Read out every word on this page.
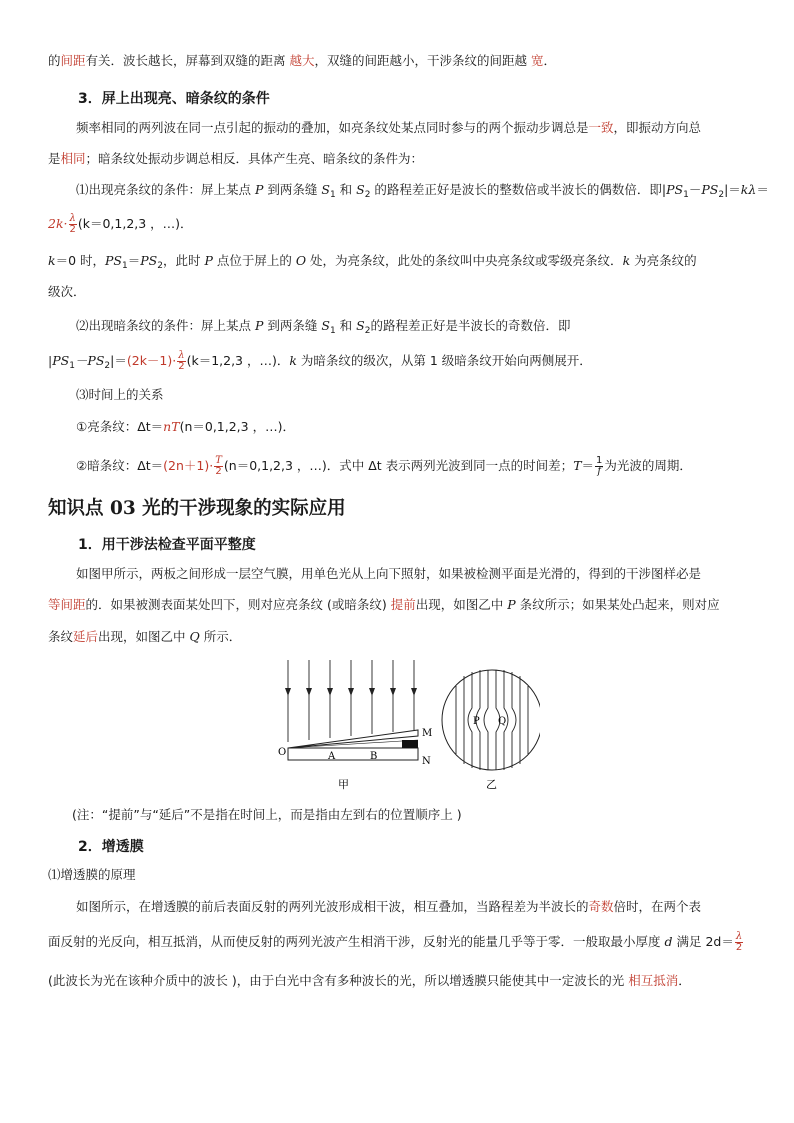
的间距有关．波长越长，屏幕到双缝的距离 越大，双缝的间距越小，干涉条纹的间距越 宽．
3．屏上出现亮、暗条纹的条件
频率相同的两列波在同一点引起的振动的叠加，如亮条纹处某点同时参与的两个振动步调总是一致，即振动方向总
是相同；暗条纹处振动步调总相反．具体产生亮、暗条纹的条件为：
⑴出现亮条纹的条件：屏上某点 P 到两条缝 $S_1$ 和 $S_2$ 的路程差正好是波长的整数倍或半波长的偶数倍．即$|PS_1-PS_2|=k\lambda=$
$2k\cdot \frac{\lambda}{2} (k=0,1,2,3$ ，…)．
k＝0 时，$PS_1=PS_2$，此时 P 点位于屏上的 O 处，为亮条纹，此处的条纹叫中央亮条纹或零级亮条纹．k 为亮条纹的
级次．
⑵出现暗条纹的条件：屏上某点 P 到两条缝 $S_1$ 和 $S_2$的路程差正好是半波长的奇数倍．即
$|PS_1-PS_2|=(2k-1)\cdot \frac{\lambda}{2} (k=1,2,3$ ，…)．k 为暗条纹的级次，从第 1 级暗条纹开始向两侧展开．
⑶时间上的关系
①亮条纹：Δt＝nT(n＝0,1,2,3 ，…)．
②暗条纹：$\Delta t=(2n+1)\cdot \frac{T}{2} (n=0,1,2,3$ ，…)．式中 Δt 表示两列光波到同一点的时间差；$T= \frac{1}{f}$ 为光波的周期．
知识点 03 光的干涉现象的实际应用
1．用干涉法检查平面平整度
如图甲所示，两板之间形成一层空气膜，用单色光从上向下照射，如果被检测平面是光滑的，得到的干涉图样必是
等间距的．如果被测表面某处凹下，则对应亮条纹 (或暗条纹) 提前出现，如图乙中 P 条纹所示；如果某处凸起来，则对应
条纹延后出现，如图乙中 Q 所示．
O	A	B
M
N
甲
P Q
乙
(注：“提前”与“延后”不是指在时间上，而是指由左到右的位置顺序上 )
2．增透膜
⑴增透膜的原理
如图所示，在增透膜的前后表面反射的两列光波形成相干波，相互叠加，当路程差为半波长的奇数倍时，在两个表
面反射的光反向，相互抵消，从而使反射的两列光波产生相消干涉，反射光的能量几乎等于零．一般取最小厚度 d 满足 $2d= \frac{\lambda}{2}$
(此波长为光在该种介质中的波长 )，由于白光中含有多种波长的光，所以增透膜只能使其中一定波长的光 相互抵消．
